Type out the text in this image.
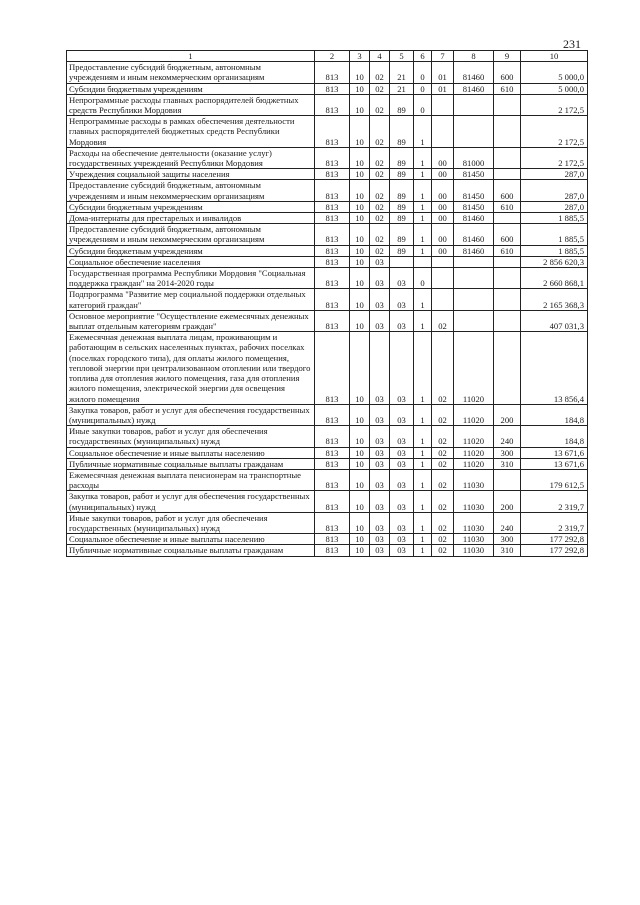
231
1	2	3	4	5	6	7	8	9	10
Предоставление субсидий бюджетным, автономным учреждениям и иным некоммерческим организациям	813	10	02	21	0	01	81460	600	5 000,0
Субсидии бюджетным учреждениям	813	10	02	21	0	01	81460	610	5 000,0
Непрограммные расходы главных распорядителей бюджетных средств Республики Мордовия	813	10	02	89	0				2 172,5
Непрограммные расходы в рамках обеспечения деятельности главных распорядителей бюджетных средств Республики Мордовия	813	10	02	89	1				2 172,5
Расходы на обеспечение деятельности (оказание услуг) государственных учреждений Республики Мордовия	813	10	02	89	1	00	81000		2 172,5
Учреждения социальной защиты населения	813	10	02	89	1	00	81450		287,0
Предоставление субсидий бюджетным, автономным учреждениям и иным некоммерческим организациям	813	10	02	89	1	00	81450	600	287,0
Субсидии бюджетным учреждениям	813	10	02	89	1	00	81450	610	287,0
Дома-интернаты для престарелых и инвалидов	813	10	02	89	1	00	81460		1 885,5
Предоставление субсидий бюджетным, автономным учреждениям и иным некоммерческим организациям	813	10	02	89	1	00	81460	600	1 885,5
Субсидии бюджетным учреждениям	813	10	02	89	1	00	81460	610	1 885,5
Социальное обеспечение населения	813	10	03						2 856 620,3
Государственная программа Республики Мордовия "Социальная поддержка граждан" на 2014-2020 годы	813	10	03	03	0				2 660 868,1
Подпрограмма "Развитие мер социальной поддержки отдельных категорий граждан"	813	10	03	03	1				2 165 368,3
Основное мероприятие "Осуществление ежемесячных денежных выплат отдельным категориям граждан"	813	10	03	03	1	02			407 031,3
Ежемесячная денежная выплата лицам, проживающим и работающим в сельских населенных пунктах, рабочих поселках (поселках городского типа), для оплаты жилого помещения, тепловой энергии при централизованном отоплении или твердого топлива для отопления жилого помещения, газа для отопления жилого помещения, электрической энергии для освещения жилого помещения	813	10	03	03	1	02	11020		13 856,4
Закупка товаров, работ и услуг для обеспечения государственных (муниципальных) нужд	813	10	03	03	1	02	11020	200	184,8
Иные закупки товаров, работ и услуг для обеспечения государственных (муниципальных) нужд	813	10	03	03	1	02	11020	240	184,8
Социальное обеспечение и иные выплаты населению	813	10	03	03	1	02	11020	300	13 671,6
Публичные нормативные социальные выплаты гражданам	813	10	03	03	1	02	11020	310	13 671,6
Ежемесячная денежная выплата пенсионерам на транспортные расходы	813	10	03	03	1	02	11030		179 612,5
Закупка товаров, работ и услуг для обеспечения государственных (муниципальных) нужд	813	10	03	03	1	02	11030	200	2 319,7
Иные закупки товаров, работ и услуг для обеспечения государственных (муниципальных) нужд	813	10	03	03	1	02	11030	240	2 319,7
Социальное обеспечение и иные выплаты населению	813	10	03	03	1	02	11030	300	177 292,8
Публичные нормативные социальные выплаты гражданам	813	10	03	03	1	02	11030	310	177 292,8
